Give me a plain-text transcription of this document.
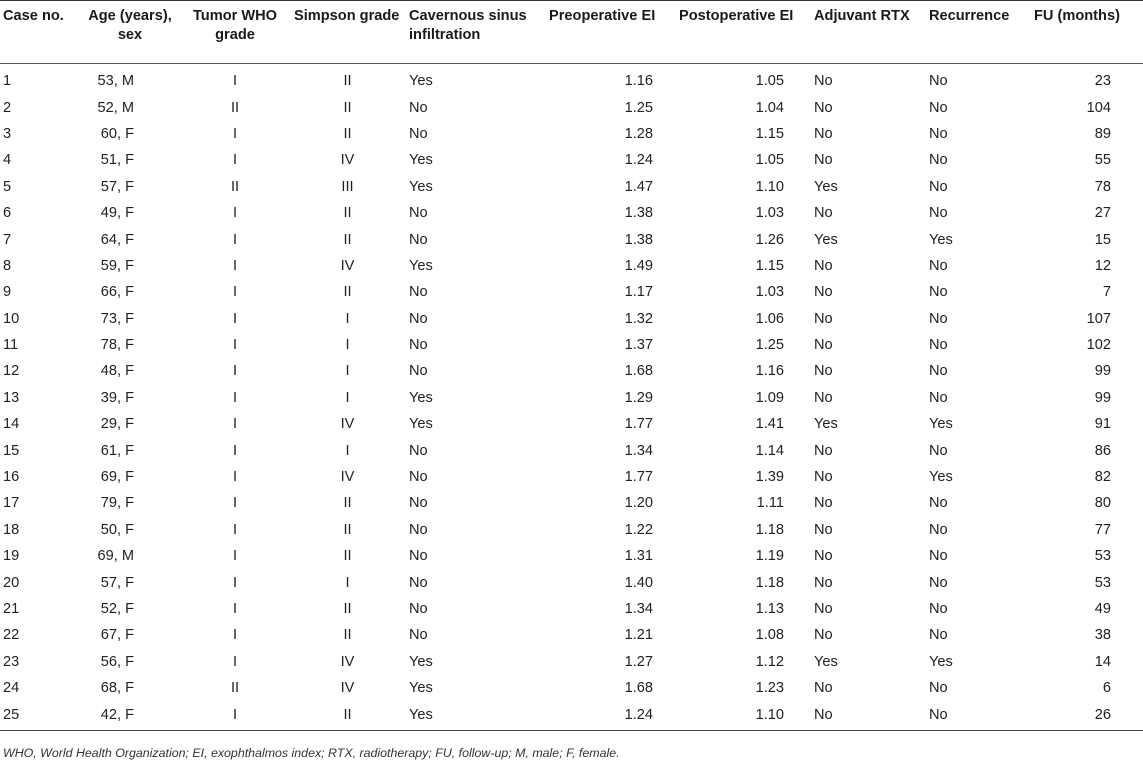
Case no.	Age (years), sex	Tumor WHO grade	Simpson grade	Cavernous sinus infiltration	Preoperative EI	Postoperative EI	Adjuvant RTX	Recurrence	FU (months)

1	53, M	I	II	Yes	1.16	1.05	No	No	23
2	52, M	II	II	No	1.25	1.04	No	No	104
3	60, F	I	II	No	1.28	1.15	No	No	89
4	51, F	I	IV	Yes	1.24	1.05	No	No	55
5	57, F	II	III	Yes	1.47	1.10	Yes	No	78
6	49, F	I	II	No	1.38	1.03	No	No	27
7	64, F	I	II	No	1.38	1.26	Yes	Yes	15
8	59, F	I	IV	Yes	1.49	1.15	No	No	12
9	66, F	I	II	No	1.17	1.03	No	No	7
10	73, F	I	I	No	1.32	1.06	No	No	107
11	78, F	I	I	No	1.37	1.25	No	No	102
12	48, F	I	I	No	1.68	1.16	No	No	99
13	39, F	I	I	Yes	1.29	1.09	No	No	99
14	29, F	I	IV	Yes	1.77	1.41	Yes	Yes	91
15	61, F	I	I	No	1.34	1.14	No	No	86
16	69, F	I	IV	No	1.77	1.39	No	Yes	82
17	79, F	I	II	No	1.20	1.11	No	No	80
18	50, F	I	II	No	1.22	1.18	No	No	77
19	69, M	I	II	No	1.31	1.19	No	No	53
20	57, F	I	I	No	1.40	1.18	No	No	53
21	52, F	I	II	No	1.34	1.13	No	No	49
22	67, F	I	II	No	1.21	1.08	No	No	38
23	56, F	I	IV	Yes	1.27	1.12	Yes	Yes	14
24	68, F	II	IV	Yes	1.68	1.23	No	No	6
25	42, F	I	II	Yes	1.24	1.10	No	No	26
WHO, World Health Organization; EI, exophthalmos index; RTX, radiotherapy; FU, follow-up; M, male; F, female.
